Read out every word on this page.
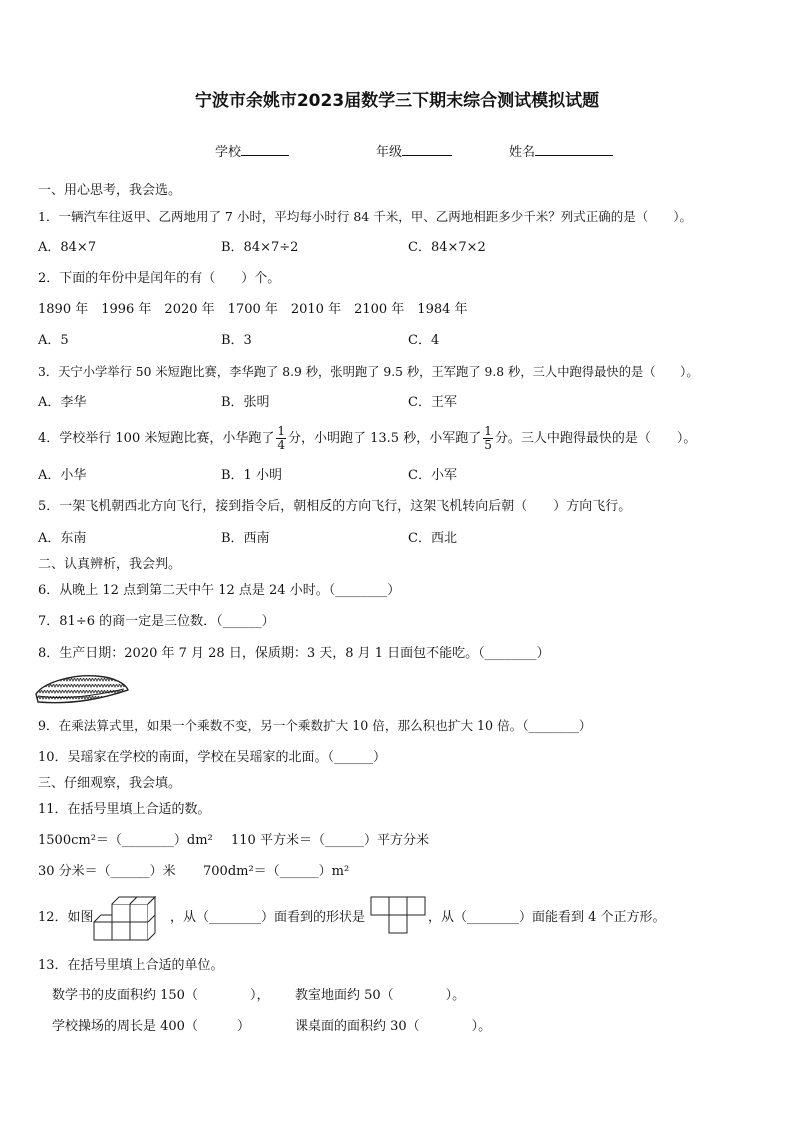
宁波市余姚市2023届数学三下期末综合测试模拟试题
学校	年级	姓名
一、用心思考，我会选。
1．一辆汽车往返甲、乙两地用了 7 小时，平均每小时行 84 千米，甲、乙两地相距多少千米？列式正确的是（　　）。
A．84×7	B．84×7÷2	C．84×7×2
2．下面的年份中是闰年的有（　　）个。
1890 年　1996 年　2020 年　1700 年　2010 年　2100 年　1984 年
A．5	B．3	C．4
3．天宁小学举行 50 米短跑比赛，李华跑了 8.9 秒，张明跑了 9.5 秒，王军跑了 9.8 秒，三人中跑得最快的是（　　）。
A．李华	B．张明	C．王军
4．学校举行 100 米短跑比赛，小华跑了 $\frac{1}{4}$ 分，小明跑了 13.5 秒，小军跑了 $\frac{1}{5}$ 分。三人中跑得最快的是（　　）。
A．小华	B．1 小明	C．小军
5．一架飞机朝西北方向飞行，接到指令后，朝相反的方向飞行，这架飞机转向后朝（　　）方向飞行。
A．东南	B．西南	C．西北
二、认真辨析，我会判。
6．从晚上 12 点到第二天中午 12 点是 24 小时。（________）
7．81÷6 的商一定是三位数．（______）
8．生产日期：2020 年 7 月 28 日，保质期：3 天，8 月 1 日面包不能吃。（________）
9．在乘法算式里，如果一个乘数不变，另一个乘数扩大 10 倍，那么积也扩大 10 倍。（________）
10．吴瑶家在学校的南面，学校在吴瑶家的北面。（______）
三、仔细观察，我会填。
11．在括号里填上合适的数。
1500cm²＝（________）dm² 110 平方米＝（______）平方分米
30 分米＝（______）米 700dm²＝（______）m²
12．如图	，从（________）面看到的形状是	，从（________）面能看到 4 个正方形。
13．在括号里填上合适的单位。
数学书的皮面积约 150（　　　　）， 教室地面约 50（　　　　）。
学校操场的周长是 400（　　　）	课桌面的面积约 30（　　　　）。
